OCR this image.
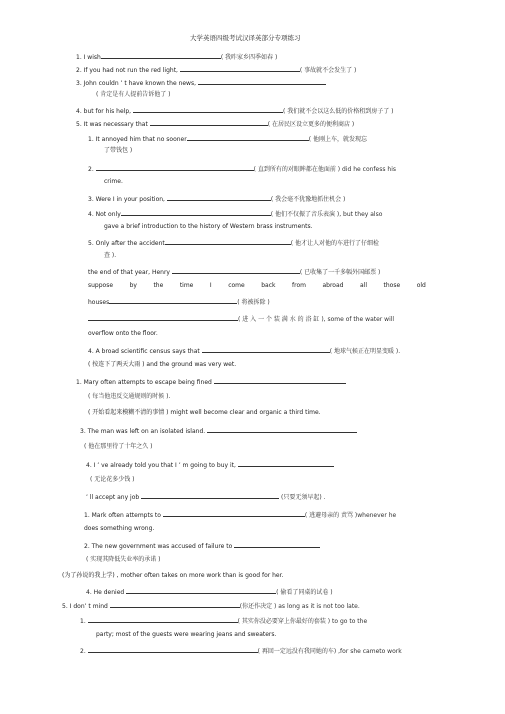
大学英语四级考试汉译英部分专项练习
1. I wish	( 我昨家乡四季如春 )
2. If you had not run the red light,	( 事故就不会发生了 )
3. John couldn ’ t have known the news,
( 肯定是有人提前告诉他了 )
4. but for his help,	( 我们就不会以这么低的价格租到房子了 )
5. It was necessary that	( 在居民区设立更多的便利商店 )
1. It annoyed him that no sooner	( 他刚上车，就发现忘
了带钱包 )
2.	( 直到所有的对眼眸都在他面前 ) did he confess his
crime.
3. Were I in your position,	( 我会毫不犹豫地抓住机会 )
4. Not only	( 他们不仅振了音乐表演 ), but they also
gave a brief introduction to the history of Western brass instruments.
5. Only after the accident	( 他才让人对他的车进行了仔细检
查 ).
the end of that year, Henry	( 已收集了一千多幅外国邮票 )
suppose	by	the	time	I	come	back	from	abroad	all	those	old
houses	( 将被拆除 )
( 进 入 一 个 装 满 水 的 浴 缸 ), some of the water will
overflow onto the floor.
4. A broad scientific census says that	( 地球气候正在明显变暖 ).
( 按连下了两天大雨 ) and the ground was very wet.
1. Mary often attempts to escape being fined
( 每当他违反交通规则的时候 ).
( 开始看起来模糊不清的事情 ) might well become clear and organic a third time.
3. The man was left on an isolated island.
( 他在那里待了十年之久 )
4. I ’ ve already told you that I ’ m going to buy it,
( 无论花多少钱 )
’ ll accept any job	(只要无须早起) .
1. Mark often attempts to	( 逃避母亲的 责骂 )whenever he
does something wrong.
2. The new government was accused of failure to
( 实现其降低失业率的承诺 )
(为了孙说的我上学) , mother often takes on more work than is good for her.
4. He denied	( 偷看了同桌的试卷 )
5. I don’ t mind	(你还作决定 ) as long as it is not too late.
1.	( 其实你没必要穿上你最好的套装 ) to go to the
party; most of the guests were wearing jeans and sweaters.
2.	( 再回一定远没有我同她的车) ,for she cameto work
